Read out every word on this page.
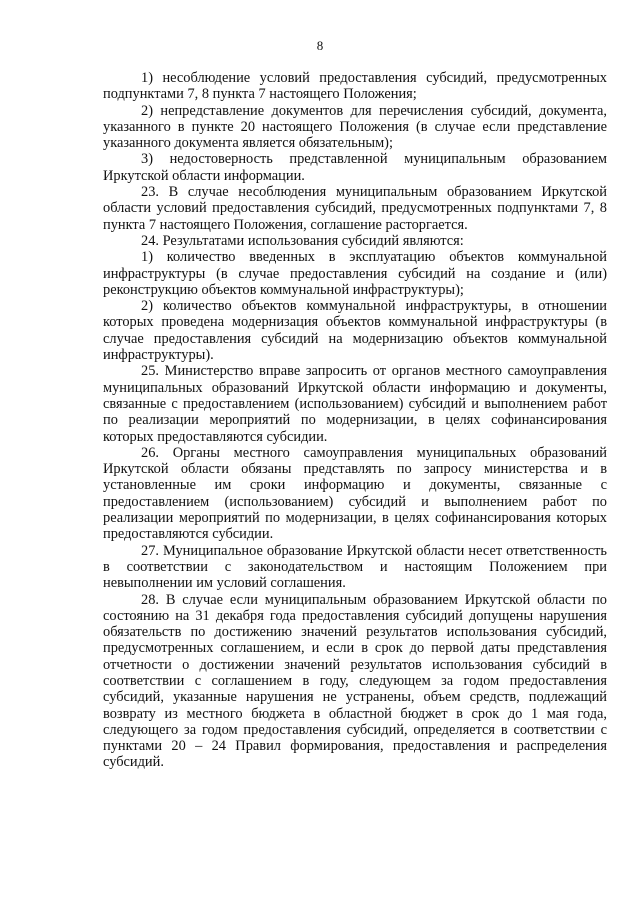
8

1) несоблюдение условий предоставления субсидий, предусмотренных подпунктами 7, 8 пункта 7 настоящего Положения;

2) непредставление документов для перечисления субсидий, документа, указанного в пункте 20 настоящего Положения (в случае если представление указанного документа является обязательным);

3) недостоверность представленной муниципальным образованием Иркутской области информации.

23. В случае несоблюдения муниципальным образованием Иркутской области условий предоставления субсидий, предусмотренных подпунктами 7, 8 пункта 7 настоящего Положения, соглашение расторгается.

24. Результатами использования субсидий являются:

1) количество введенных в эксплуатацию объектов коммунальной инфраструктуры (в случае предоставления субсидий на создание и (или) реконструкцию объектов коммунальной инфраструктуры);

2) количество объектов коммунальной инфраструктуры, в отношении которых проведена модернизация объектов коммунальной инфраструктуры (в случае предоставления субсидий на модернизацию объектов коммунальной инфраструктуры).

25. Министерство вправе запросить от органов местного самоуправления муниципальных образований Иркутской области информацию и документы, связанные с предоставлением (использованием) субсидий и выполнением работ по реализации мероприятий по модернизации, в целях софинансирования которых предоставляются субсидии.

26. Органы местного самоуправления муниципальных образований Иркутской области обязаны представлять по запросу министерства и в установленные им сроки информацию и документы, связанные с предоставлением (использованием) субсидий и выполнением работ по реализации мероприятий по модернизации, в целях софинансирования которых предоставляются субсидии.

27. Муниципальное образование Иркутской области несет ответственность в соответствии с законодательством и настоящим Положением при невыполнении им условий соглашения.

28. В случае если муниципальным образованием Иркутской области по состоянию на 31 декабря года предоставления субсидий допущены нарушения обязательств по достижению значений результатов использования субсидий, предусмотренных соглашением, и если в срок до первой даты представления отчетности о достижении значений результатов использования субсидий в соответствии с соглашением в году, следующем за годом предоставления субсидий, указанные нарушения не устранены, объем средств, подлежащий возврату из местного бюджета в областной бюджет в срок до 1 мая года, следующего за годом предоставления субсидий, определяется в соответствии с пунктами 20 – 24 Правил формирования, предоставления и распределения субсидий.
